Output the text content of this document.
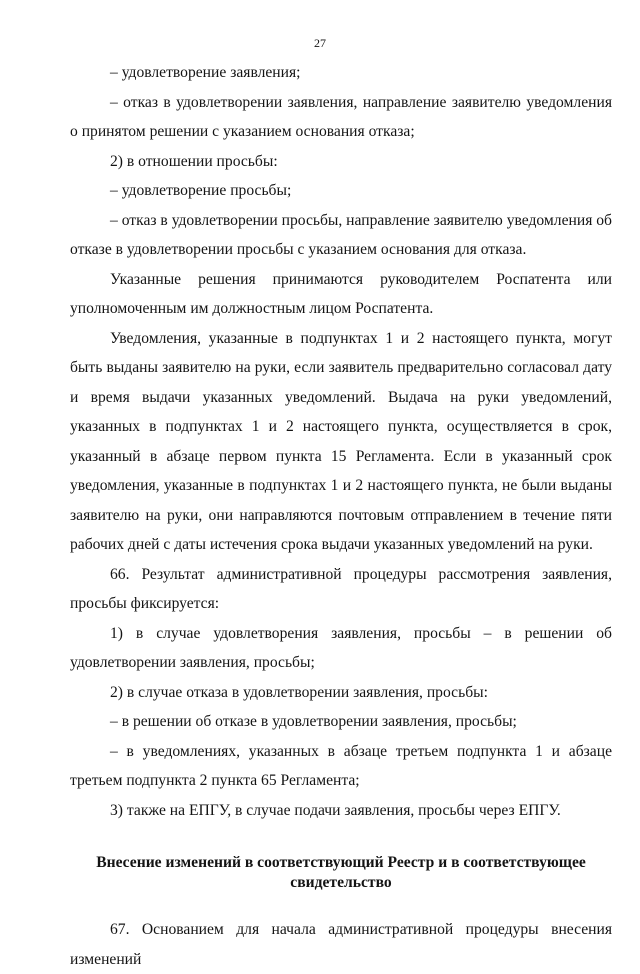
27

– удовлетворение заявления;

– отказ в удовлетворении заявления, направление заявителю уведомления о принятом решении с указанием основания отказа;

2) в отношении просьбы:

– удовлетворение просьбы;

– отказ в удовлетворении просьбы, направление заявителю уведомления об отказе в удовлетворении просьбы с указанием основания для отказа.

Указанные решения принимаются руководителем Роспатента или уполномоченным им должностным лицом Роспатента.

Уведомления, указанные в подпунктах 1 и 2 настоящего пункта, могут быть выданы заявителю на руки, если заявитель предварительно согласовал дату и время выдачи указанных уведомлений. Выдача на руки уведомлений, указанных в подпунктах 1 и 2 настоящего пункта, осуществляется в срок, указанный в абзаце первом пункта 15 Регламента. Если в указанный срок уведомления, указанные в подпунктах 1 и 2 настоящего пункта, не были выданы заявителю на руки, они направляются почтовым отправлением в течение пяти рабочих дней с даты истечения срока выдачи указанных уведомлений на руки.

66. Результат административной процедуры рассмотрения заявления, просьбы фиксируется:

1) в случае удовлетворения заявления, просьбы – в решении об удовлетворении заявления, просьбы;

2) в случае отказа в удовлетворении заявления, просьбы:

– в решении об отказе в удовлетворении заявления, просьбы;

– в уведомлениях, указанных в абзаце третьем подпункта 1 и абзаце третьем подпункта 2 пункта 65 Регламента;

3) также на ЕПГУ, в случае подачи заявления, просьбы через ЕПГУ.

Внесение изменений в соответствующий Реестр и в соответствующее
свидетельство

67. Основанием для начала административной процедуры внесения изменений
